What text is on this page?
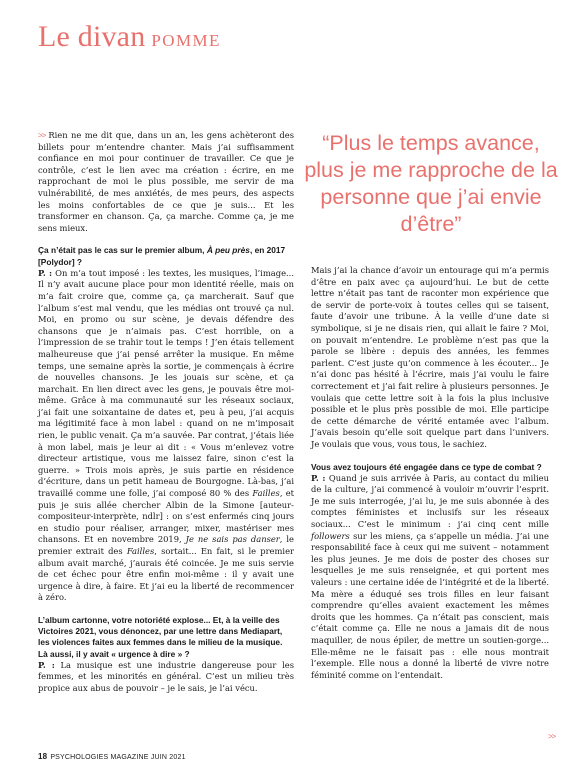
Le divan POMME

>> Rien ne me dit que, dans un an, les gens achèteront des billets pour m’entendre chanter. Mais j’ai suffisamment confiance en moi pour continuer de travailler. Ce que je contrôle, c’est le lien avec ma création : écrire, en me rapprochant de moi le plus possible, me servir de ma vulnérabilité, de mes anxiétés, de mes peurs, des aspects les moins confortables de ce que je suis... Et les transformer en chanson. Ça, ça marche. Comme ça, je me sens mieux.

Ça n’était pas le cas sur le premier album, À peu près, en 2017 [Polydor] ?

P. : On m’a tout imposé : les textes, les musiques, l’image... Il n’y avait aucune place pour mon identité réelle, mais on m’a fait croire que, comme ça, ça marcherait. Sauf que l’album s’est mal vendu, que les médias ont trouvé ça nul. Moi, en promo ou sur scène, je devais défendre des chansons que je n’aimais pas. C’est horrible, on a l’impression de se trahir tout le temps ! J’en étais tellement malheureuse que j’ai pensé arrêter la musique. En même temps, une semaine après la sortie, je commençais à écrire de nouvelles chansons. Je les jouais sur scène, et ça marchait. En lien direct avec les gens, je pouvais être moi-même. Grâce à ma communauté sur les réseaux sociaux, j’ai fait une soixantaine de dates et, peu à peu, j’ai acquis ma légitimité face à mon label : quand on ne m’imposait rien, le public venait. Ça m’a sauvée. Par contrat, j’étais liée à mon label, mais je leur ai dit : « Vous m’enlevez votre directeur artistique, vous me laissez faire, sinon c’est la guerre. » Trois mois après, je suis partie en résidence d’écriture, dans un petit hameau de Bourgogne. Là-bas, j’ai travaillé comme une folle, j’ai composé 80 % des Failles, et puis je suis allée chercher Albin de la Simone [auteur-compositeur-interprète, ndlr] : on s’est enfermés cinq jours en studio pour réaliser, arranger, mixer, mastériser mes chansons. Et en novembre 2019, Je ne sais pas danser, le premier extrait des Failles, sortait... En fait, si le premier album avait marché, j’aurais été coincée. Je me suis servie de cet échec pour être enfin moi-même : il y avait une urgence à dire, à faire. Et j’ai eu la liberté de recommencer à zéro.

L’album cartonne, votre notoriété explose... Et, à la veille des Victoires 2021, vous dénoncez, par une lettre dans Mediapart, les violences faites aux femmes dans le milieu de la musique. Là aussi, il y avait « urgence à dire » ?

P. : La musique est une industrie dangereuse pour les femmes, et les minorités en général. C’est un milieu très propice aux abus de pouvoir – je le sais, je l’ai vécu.

“Plus le temps avance, plus je me rapproche de la personne que j’ai envie d’être”

Mais j’ai la chance d’avoir un entourage qui m’a permis d’être en paix avec ça aujourd’hui. Le but de cette lettre n’était pas tant de raconter mon expérience que de servir de porte-voix à toutes celles qui se taisent, faute d’avoir une tribune. À la veille d’une date si symbolique, si je ne disais rien, qui allait le faire ? Moi, on pouvait m’entendre. Le problème n’est pas que la parole se libère : depuis des années, les femmes parlent. C’est juste qu’on commence à les écouter... Je n’ai donc pas hésité à l’écrire, mais j’ai voulu le faire correctement et j’ai fait relire à plusieurs personnes. Je voulais que cette lettre soit à la fois la plus inclusive possible et le plus près possible de moi. Elle participe de cette démarche de vérité entamée avec l’album. J’avais besoin qu’elle soit quelque part dans l’univers. Je voulais que vous, vous tous, le sachiez.

Vous avez toujours été engagée dans ce type de combat ?

P. : Quand je suis arrivée à Paris, au contact du milieu de la culture, j’ai commencé à vouloir m’ouvrir l’esprit. Je me suis interrogée, j’ai lu, je me suis abonnée à des comptes féministes et inclusifs sur les réseaux sociaux... C’est le minimum : j’ai cinq cent mille followers sur les miens, ça s’appelle un média. J’ai une responsabilité face à ceux qui me suivent – notamment les plus jeunes. Je me dois de poster des choses sur lesquelles je me suis renseignée, et qui portent mes valeurs : une certaine idée de l’intégrité et de la liberté. Ma mère a éduqué ses trois filles en leur faisant comprendre qu’elles avaient exactement les mêmes droits que les hommes. Ça n’était pas conscient, mais c’était comme ça. Elle ne nous a jamais dit de nous maquiller, de nous épiler, de mettre un soutien-gorge... Elle-même ne le faisait pas : elle nous montrait l’exemple. Elle nous a donné la liberté de vivre notre féminité comme on l’entendait.

>>
18 PSYCHOLOGIES MAGAZINE JUIN 2021
